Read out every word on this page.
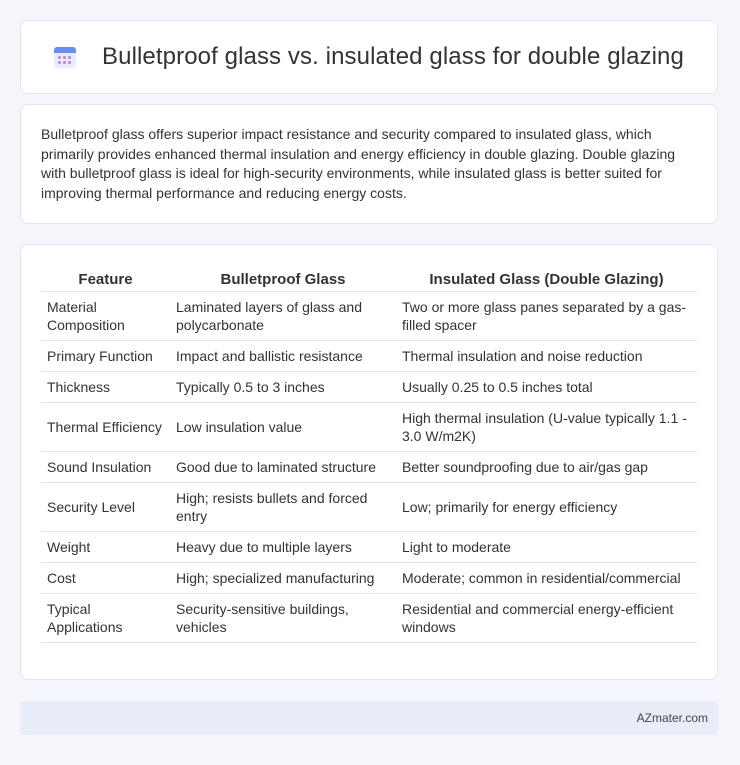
Bulletproof glass vs. insulated glass for double glazing

Bulletproof glass offers superior impact resistance and security compared to insulated glass, which primarily provides enhanced thermal insulation and energy efficiency in double glazing. Double glazing with bulletproof glass is ideal for high-security environments, while insulated glass is better suited for improving thermal performance and reducing energy costs.

Feature	Bulletproof Glass	Insulated Glass (Double Glazing)
Material Composition	Laminated layers of glass and polycarbonate	Two or more glass panes separated by a gas-filled spacer
Primary Function	Impact and ballistic resistance	Thermal insulation and noise reduction
Thickness	Typically 0.5 to 3 inches	Usually 0.25 to 0.5 inches total
Thermal Efficiency	Low insulation value	High thermal insulation (U-value typically 1.1 - 3.0 W/m2K)
Sound Insulation	Good due to laminated structure	Better soundproofing due to air/gas gap
Security Level	High; resists bullets and forced entry	Low; primarily for energy efficiency
Weight	Heavy due to multiple layers	Light to moderate
Cost	High; specialized manufacturing	Moderate; common in residential/commercial
Typical Applications	Security-sensitive buildings, vehicles	Residential and commercial energy-efficient windows
AZmater.com
